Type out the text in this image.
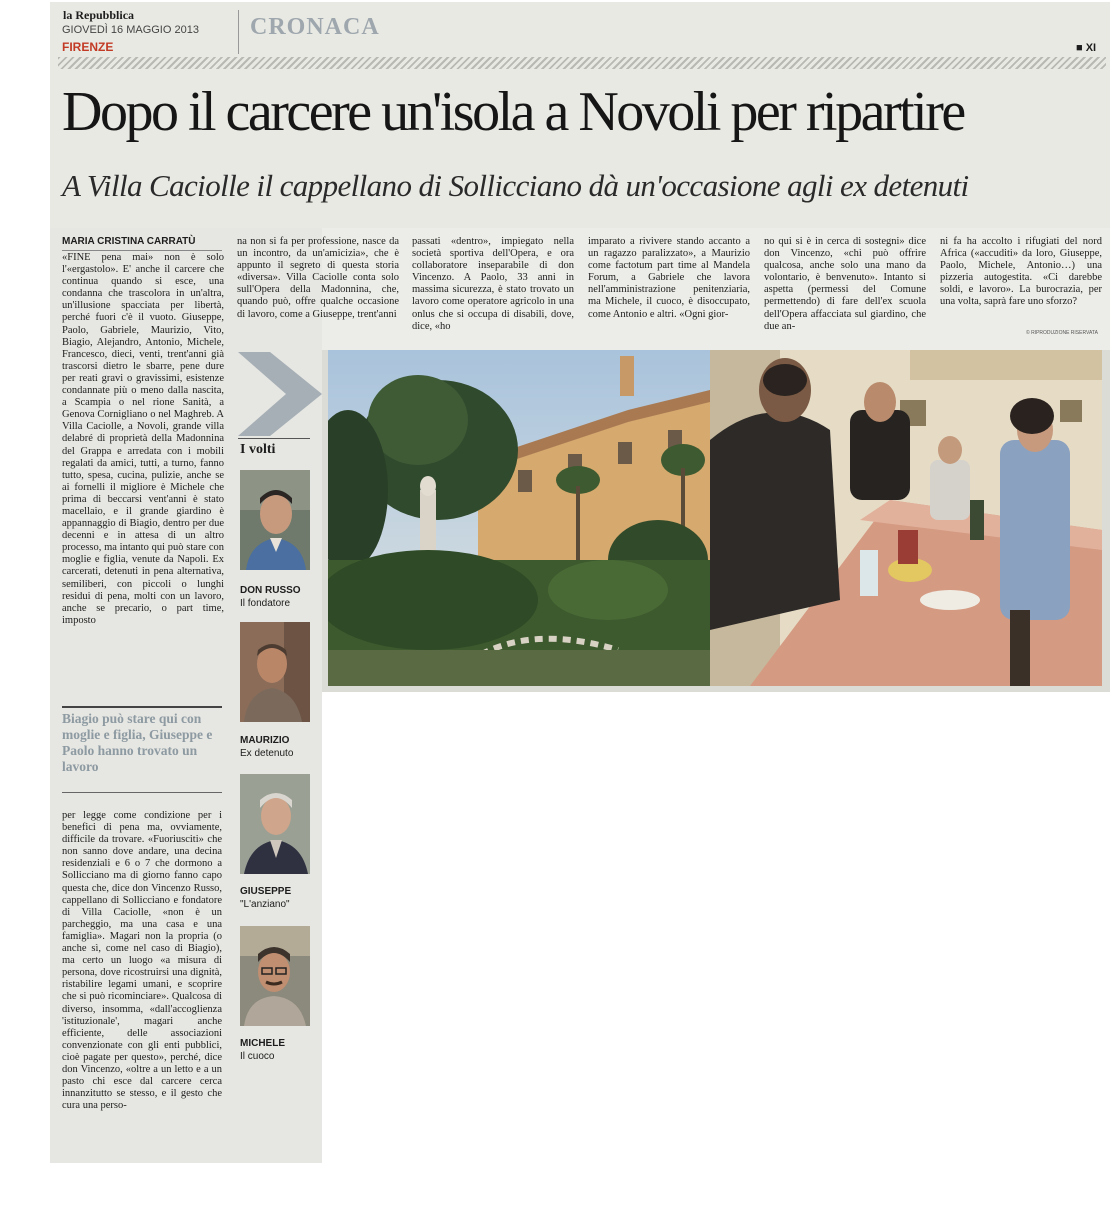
la Repubblica
GIOVEDÌ 16 MAGGIO 2013
FIRENZE
CRONACA
■ XI
Dopo il carcere un'isola a Novoli per ripartire
A Villa Caciolle il cappellano di Sollicciano dà un'occasione agli ex detenuti
MARIA CRISTINA CARRATÙ

«FINE pena mai» non è solo l'«ergastolo». E' anche il carcere che continua quando si esce, una condanna che trascolora in un'altra, un'illusione spacciata per libertà, perché fuori c'è il vuoto. Giuseppe, Paolo, Gabriele, Maurizio, Vito, Biagio, Alejandro, Antonio, Michele, Francesco, dieci, venti, trent'anni già trascorsi dietro le sbarre, pene dure per reati gravi o gravissimi, esistenze condannate più o meno dalla nascita, a Scampia o nel rione Sanità, a Genova Cornigliano o nel Maghreb. A Villa Caciolle, a Novoli, grande villa delabré di proprietà della Madonnina del Grappa e arredata con i mobili regalati da amici, tutti, a turno, fanno tutto, spesa, cucina, pulizie, anche se ai fornelli il migliore è Michele che prima di beccarsi vent'anni è stato macellaio, e il grande giardino è appannaggio di Biagio, dentro per due decenni e in attesa di un altro processo, ma intanto qui può stare con moglie e figlia, venute da Napoli. Ex carcerati, detenuti in pena alternativa, semiliberi, con piccoli o lunghi residui di pena, molti con un lavoro, anche se precario, o part time, imposto

per legge come condizione per i benefici di pena ma, ovviamente, difficile da trovare. «Fuoriusciti» che non sanno dove andare, una decina residenziali e 6 o 7 che dormono a Sollicciano ma di giorno fanno capo questa che, dice don Vincenzo Russo, cappellano di Sollicciano e fondatore di Villa Caciolle, «non è un parcheggio, ma una casa e una famiglia». Magari non la propria (o anche sì, come nel caso di Biagio), ma certo un luogo «a misura di persona, dove ricostruirsi una dignità, ristabilire legami umani, e scoprire che si può ricominciare». Qualcosa di diverso, insomma, «dall'accoglienza 'istituzionale', magari anche efficiente, delle associazioni convenzionate con gli enti pubblici, cioè pagate per questo», perché, dice don Vincenzo, «oltre a un letto e a un pasto chi esce dal carcere cerca innanzitutto se stesso, e il gesto che cura una perso-

na non si fa per professione, nasce da un incontro, da un'amicizia», che è appunto il segreto di questa storia «diversa». Villa Caciolle conta solo sull'Opera della Madonnina, che, quando può, offre qualche occasione di lavoro, come a Giuseppe, trent'anni

passati «dentro», impiegato nella società sportiva dell'Opera, e ora collaboratore inseparabile di don Vincenzo. A Paolo, 33 anni in massima sicurezza, è stato trovato un lavoro come operatore agricolo in una onlus che si occupa di disabili, dove, dice, «ho

imparato a rivivere stando accanto a un ragazzo paralizzato», a Maurizio come factotum part time al Mandela Forum, a Gabriele che lavora nell'amministrazione penitenziaria, ma Michele, il cuoco, è disoccupato, come Antonio e altri. «Ogni gior-

no qui si è in cerca di sostegni» dice don Vincenzo, «chi può offrire qualcosa, anche solo una mano da volontario, è benvenuto». Intanto si aspetta (permessi del Comune permettendo) di fare dell'ex scuola dell'Opera affacciata sul giardino, che due an-

ni fa ha accolto i rifugiati del nord Africa («accuditi» da loro, Giuseppe, Paolo, Michele, Antonio…) una pizzeria autogestita. «Ci darebbe soldi, e lavoro». La burocrazia, per una volta, saprà fare uno sforzo?

© RIPRODUZIONE RISERVATA
Biagio può stare qui con moglie e figlia, Giuseppe e Paolo hanno trovato un lavoro
I volti
DON RUSSO
Il fondatore
MAURIZIO
Ex detenuto
GIUSEPPE
"L'anziano"
MICHELE
Il cuoco
